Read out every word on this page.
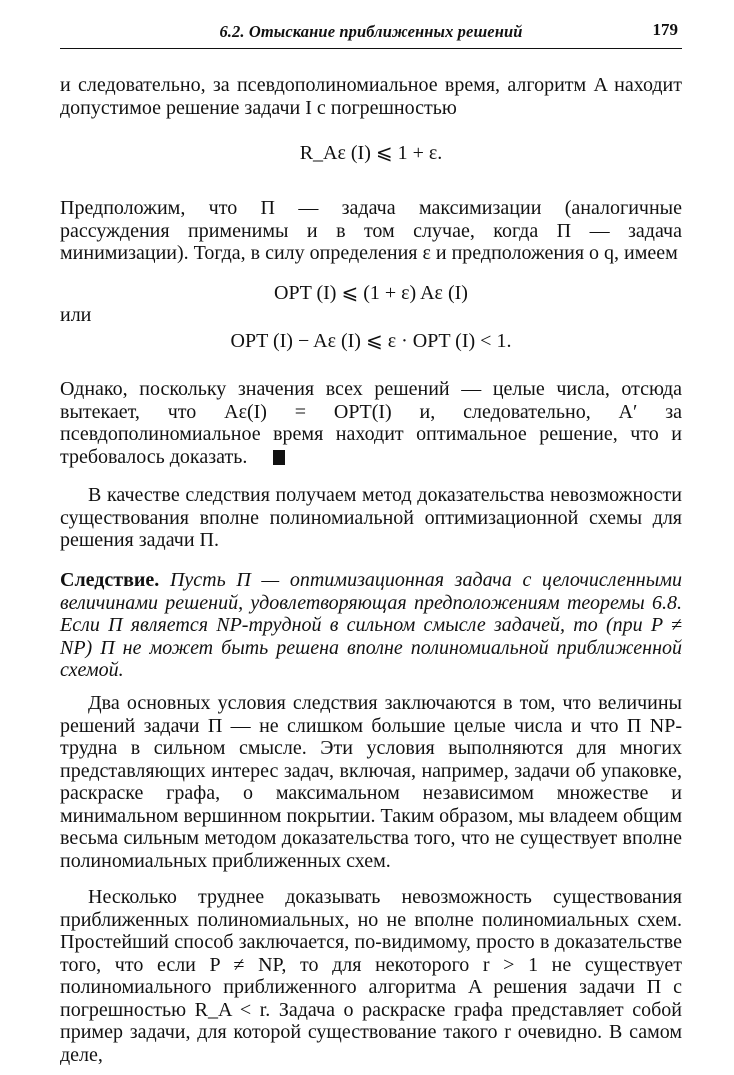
6.2. Отыскание приближенных решений	179

и следовательно, за псевдополиномиальное время, алгоритм A находит допустимое решение задачи I с погрешностью

R_Aε (I) ⩽ 1 + ε.

Предположим, что Π — задача максимизации (аналогичные рассуждения применимы и в том случае, когда Π — задача минимизации). Тогда, в силу определения ε и предположения о q, имеем

OPT (I) ⩽ (1 + ε) Aε (I)

или

OPT (I) − Aε (I) ⩽ ε · OPT (I) < 1.

Однако, поскольку значения всех решений — целые числа, отсюда вытекает, что Aε(I) = OPT(I) и, следовательно, A′ за псевдополиномиальное время находит оптимальное решение, что и требовалось доказать.

В качестве следствия получаем метод доказательства невозможности существования вполне полиномиальной оптимизационной схемы для решения задачи Π.

Следствие. Пусть Π — оптимизационная задача с целочисленными величинами решений, удовлетворяющая предположениям теоремы 6.8. Если Π является NP-трудной в сильном смысле задачей, то (при P ≠ NP) Π не может быть решена вполне полиномиальной приближенной схемой.

Два основных условия следствия заключаются в том, что величины решений задачи Π — не слишком большие целые числа и что Π NP-трудна в сильном смысле. Эти условия выполняются для многих представляющих интерес задач, включая, например, задачи об упаковке, раскраске графа, о максимальном независимом множестве и минимальном вершинном покрытии. Таким образом, мы владеем общим весьма сильным методом доказательства того, что не существует вполне полиномиальных приближенных схем.

Несколько труднее доказывать невозможность существования приближенных полиномиальных, но не вполне полиномиальных схем. Простейший способ заключается, по-видимому, просто в доказательстве того, что если P ≠ NP, то для некоторого r > 1 не существует полиномиального приближенного алгоритма A решения задачи Π с погрешностью R_A < r. Задача о раскраске графа представляет собой пример задачи, для которой существование такого r очевидно. В самом деле,
